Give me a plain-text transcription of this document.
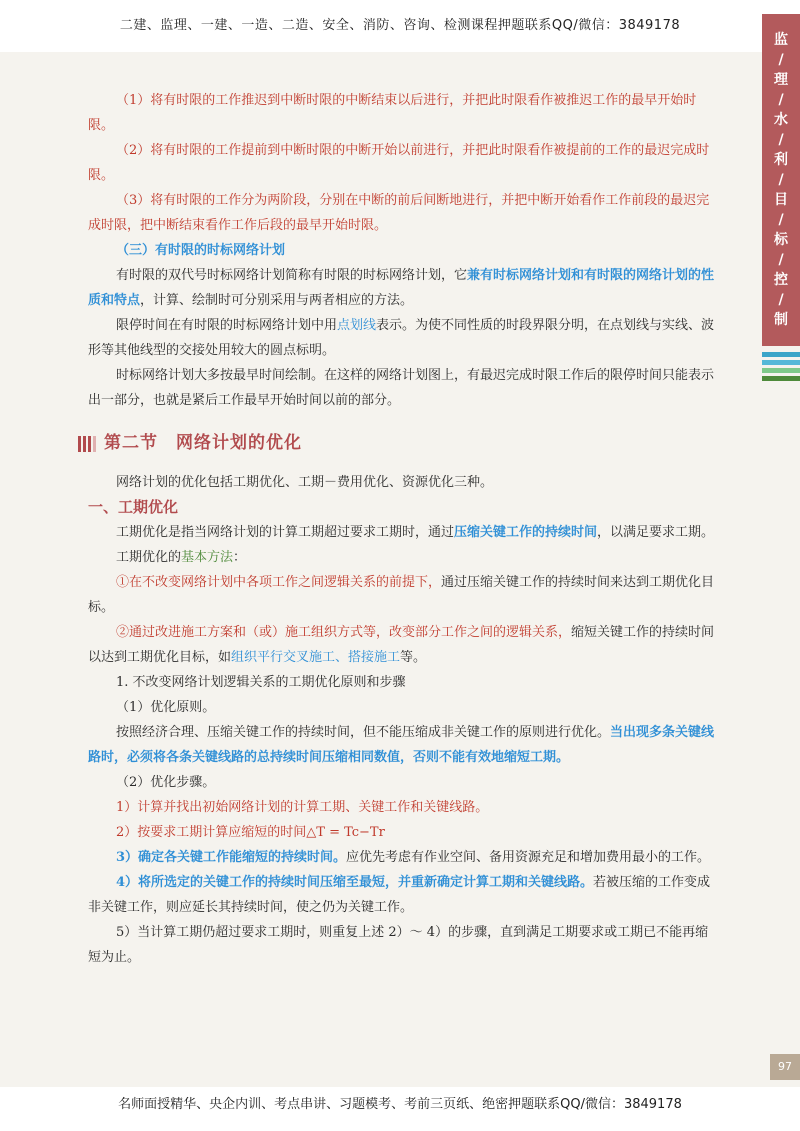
二建、监理、一建、一造、二造、安全、消防、咨询、检测课程押题联系QQ/微信：3849178
监
/
理
/
水
/
利
/
目
/
标
/
控
/
制

（1）将有时限的工作推迟到中断时限的中断结束以后进行，并把此时限看作被推迟工作的最早开始时限。

（2）将有时限的工作提前到中断时限的中断开始以前进行，并把此时限看作被提前的工作的最迟完成时限。

（3）将有时限的工作分为两阶段，分别在中断的前后间断地进行，并把中断开始看作工作前段的最迟完成时限，把中断结束看作工作后段的最早开始时限。

（三）有时限的时标网络计划

有时限的双代号时标网络计划简称有时限的时标网络计划，它兼有时标网络计划和有时限的网络计划的性质和特点，计算、绘制时可分别采用与两者相应的方法。

限停时间在有时限的时标网络计划中用点划线表示。为使不同性质的时段界限分明，在点划线与实线、波形等其他线型的交接处用较大的圆点标明。

时标网络计划大多按最早时间绘制。在这样的网络计划图上，有最迟完成时限工作后的限停时间只能表示出一部分，也就是紧后工作最早开始时间以前的部分。

第二节　网络计划的优化

网络计划的优化包括工期优化、工期－费用优化、资源优化三种。

一、工期优化

工期优化是指当网络计划的计算工期超过要求工期时，通过压缩关键工作的持续时间，以满足要求工期。

工期优化的基本方法：

①在不改变网络计划中各项工作之间逻辑关系的前提下，通过压缩关键工作的持续时间来达到工期优化目标。

②通过改进施工方案和（或）施工组织方式等，改变部分工作之间的逻辑关系，缩短关键工作的持续时间以达到工期优化目标，如组织平行交叉施工、搭接施工等。

1. 不改变网络计划逻辑关系的工期优化原则和步骤

（1）优化原则。

按照经济合理、压缩关键工作的持续时间，但不能压缩成非关键工作的原则进行优化。当出现多条关键线路时，必须将各条关键线路的总持续时间压缩相同数值，否则不能有效地缩短工期。

（2）优化步骤。

1）计算并找出初始网络计划的计算工期、关键工作和关键线路。

2）按要求工期计算应缩短的时间△T = Tc−Tr

3）确定各关键工作能缩短的持续时间。应优先考虑有作业空间、备用资源充足和增加费用最小的工作。

4）将所选定的关键工作的持续时间压缩至最短，并重新确定计算工期和关键线路。若被压缩的工作变成非关键工作，则应延长其持续时间，使之仍为关键工作。

5）当计算工期仍超过要求工期时，则重复上述 2）～ 4）的步骤，直到满足工期要求或工期已不能再缩短为止。

97
名师面授精华、央企内训、考点串讲、习题模考、考前三页纸、绝密押题联系QQ/微信：3849178
